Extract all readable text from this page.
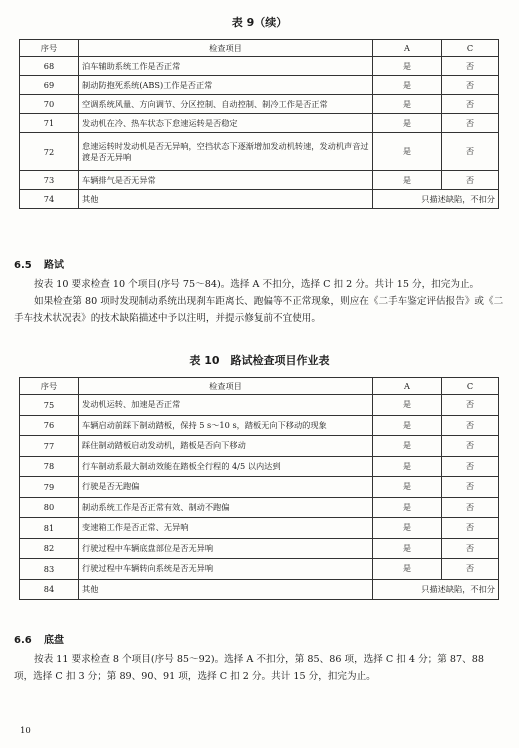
表 9（续）
序号	检查项目	A	C
68	泊车辅助系统工作是否正常	是	否
69	制动防抱死系统(ABS)工作是否正常	是	否
70	空调系统风量、方向调节、分区控制、自动控制、制冷工作是否正常	是	否
71	发动机在冷、热车状态下怠速运转是否稳定	是	否
72	怠速运转时发动机是否无异响，空挡状态下逐渐增加发动机转速，发动机声音过渡是否无异响	是	否
73	车辆排气是否无异常	是	否
74	其他	只描述缺陷，不扣分	
6.5 路试

按表 10 要求检查 10 个项目(序号 75～84)。选择 A 不扣分，选择 C 扣 2 分。共计 15 分，扣完为止。

如果检查第 80 项时发现制动系统出现刹车距离长、跑偏等不正常现象，则应在《二手车鉴定评估报告》或《二手车技术状况表》的技术缺陷描述中予以注明，并提示修复前不宜使用。

表 10　路试检查项目作业表
序号	检查项目	A	C
75	发动机运转、加速是否正常	是	否
76	车辆启动前踩下制动踏板，保持 5 s～10 s，踏板无向下移动的现象	是	否
77	踩住制动踏板启动发动机，踏板是否向下移动	是	否
78	行车制动系最大制动效能在踏板全行程的 4/5 以内达到	是	否
79	行驶是否无跑偏	是	否
80	制动系统工作是否正常有效、制动不跑偏	是	否
81	变速箱工作是否正常、无异响	是	否
82	行驶过程中车辆底盘部位是否无异响	是	否
83	行驶过程中车辆转向系统是否无异响	是	否
84	其他	只描述缺陷，不扣分	
6.6 底盘

按表 11 要求检查 8 个项目(序号 85～92)。选择 A 不扣分，第 85、86 项，选择 C 扣 4 分；第 87、88 项，选择 C 扣 3 分；第 89、90、91 项，选择 C 扣 2 分。共计 15 分，扣完为止。

10
